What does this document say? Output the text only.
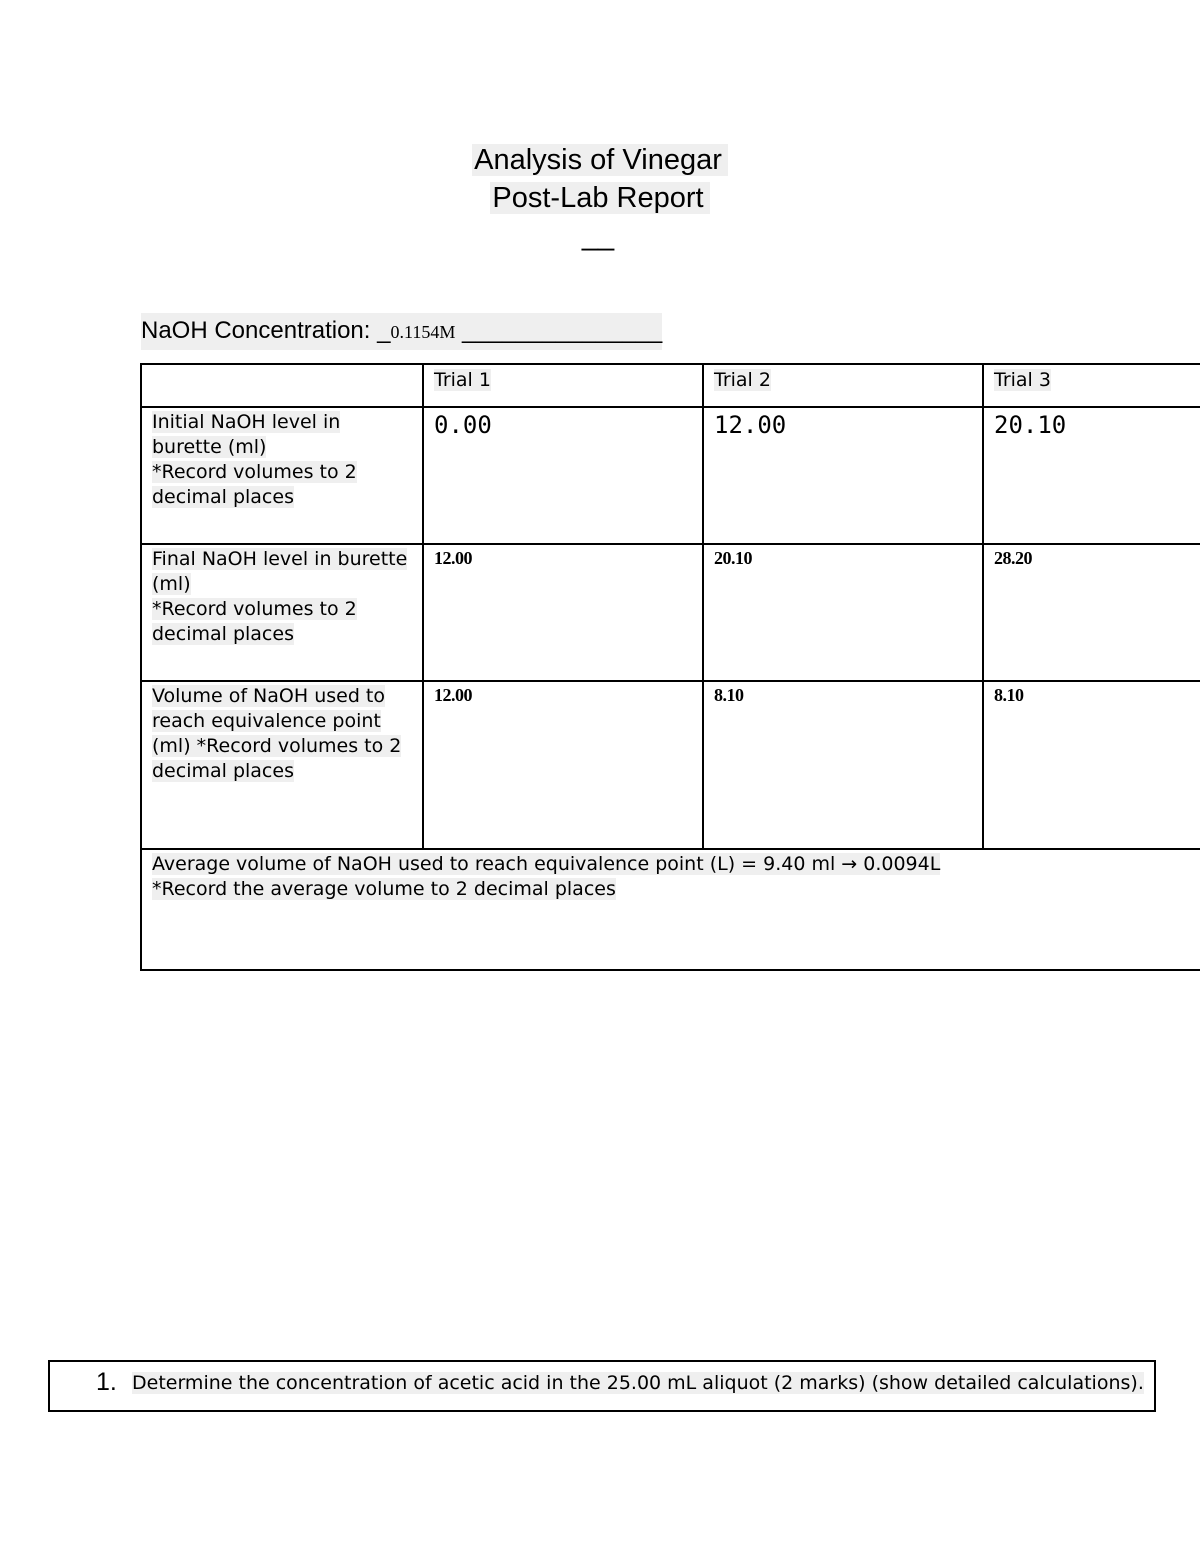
Analysis of Vinegar
Post-Lab Report
__
NaOH Concentration: _0.1154M _______________
	Trial 1	Trial 2	Trial 3
Initial NaOH level in
burette (ml)
*Record volumes to 2
decimal places	0.00	12.00	20.10
Final NaOH level in burette
(ml)
*Record volumes to 2
decimal places	12.00	20.10	28.20
Volume of NaOH used to
reach equivalence point
(ml) *Record volumes to 2
decimal places	12.00	8.10	8.10
Average volume of NaOH used to reach equivalence point (L) = 9.40 ml → 0.0094L
*Record the average volume to 2 decimal places			
1. Determine the concentration of acetic acid in the 25.00 mL aliquot (2 marks) (show detailed calculations).
